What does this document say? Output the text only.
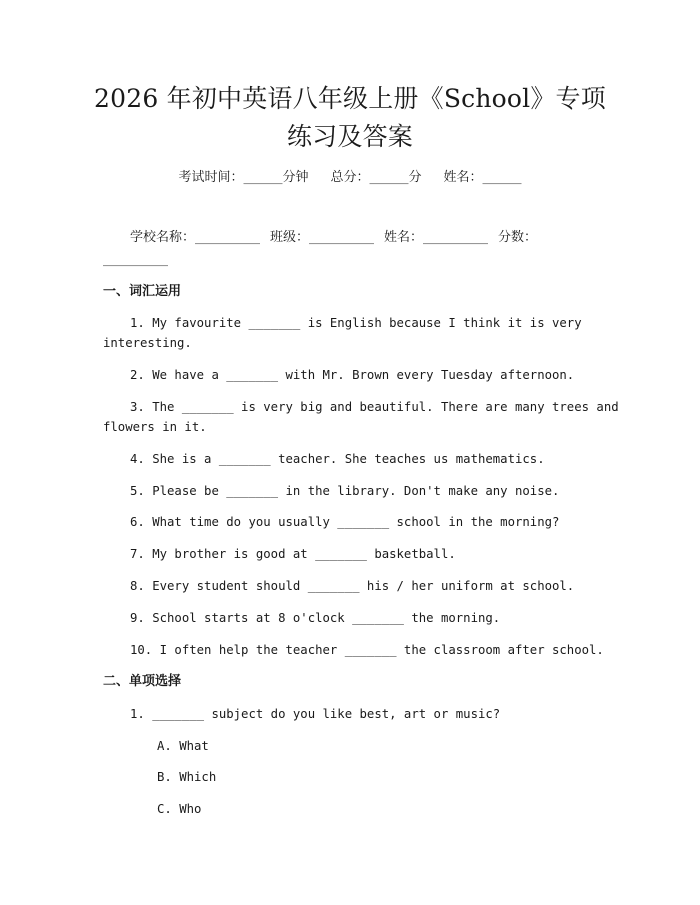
2026 年初中英语八年级上册《School》专项
练习及答案
考试时间：______分钟 总分：______分 姓名：______
学校名称：__________ 班级：__________ 姓名：__________ 分数：
__________
一、词汇运用
1. My favourite _______ is English because I think it is very
interesting.
2. We have a _______ with Mr. Brown every Tuesday afternoon.
3. The _______ is very big and beautiful. There are many trees and
flowers in it.
4. She is a _______ teacher. She teaches us mathematics.
5. Please be _______ in the library. Don't make any noise.
6. What time do you usually _______ school in the morning?
7. My brother is good at _______ basketball.
8. Every student should _______ his / her uniform at school.
9. School starts at 8 o'clock _______ the morning.
10. I often help the teacher _______ the classroom after school.
二、单项选择
1. _______ subject do you like best, art or music?
A. What
B. Which
C. Who
